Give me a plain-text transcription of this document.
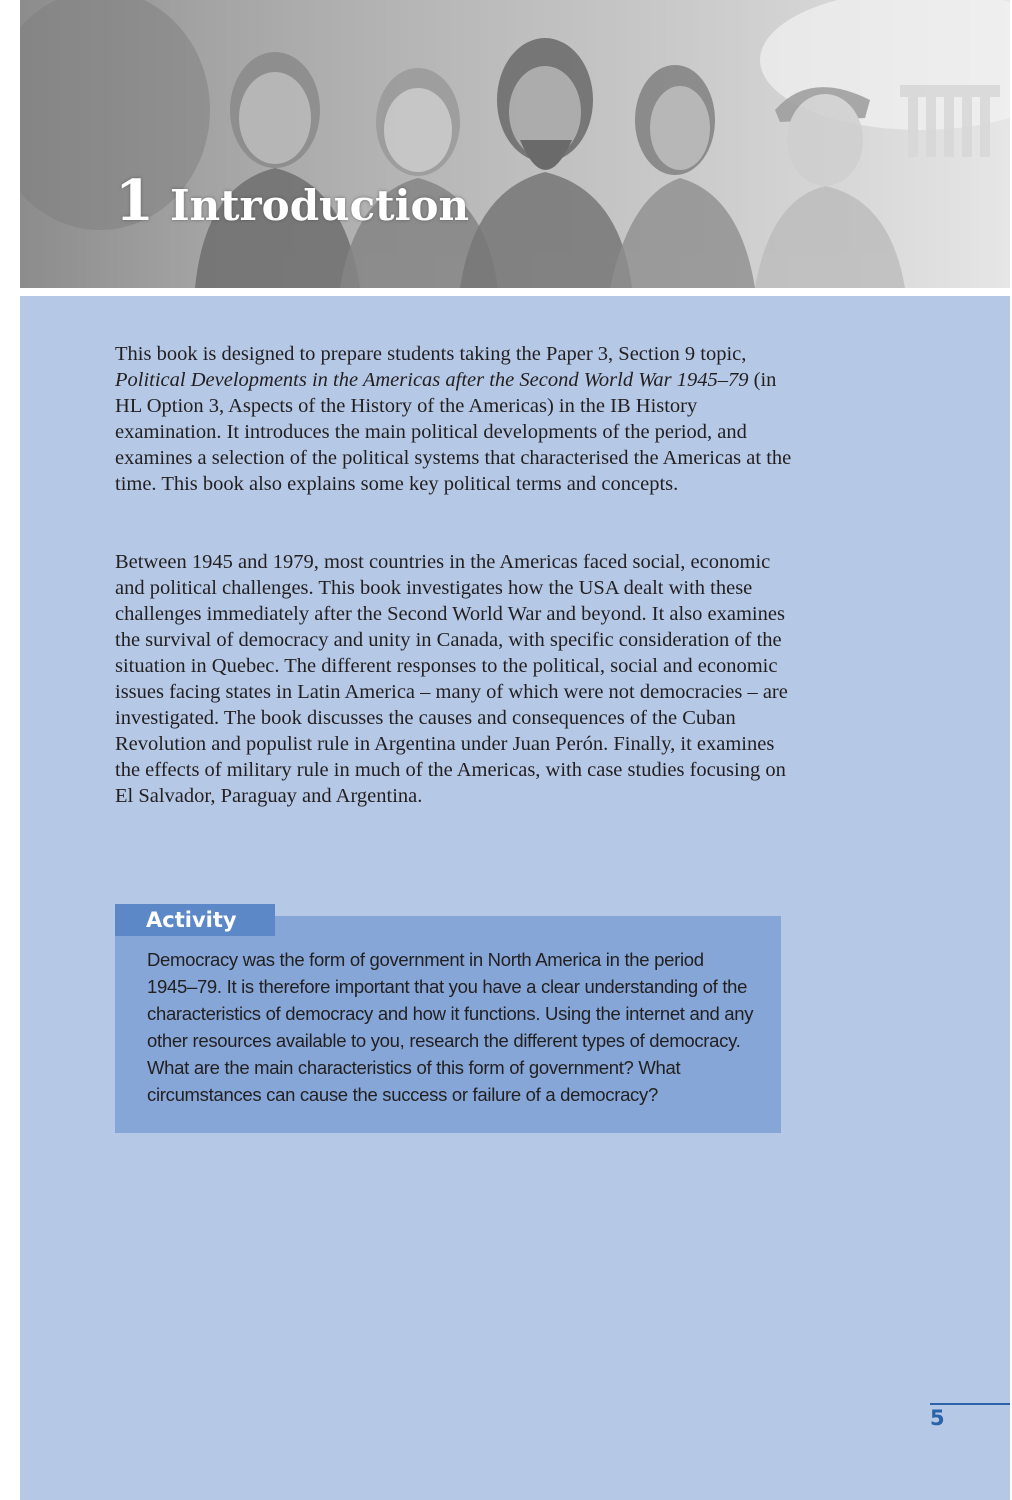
1 Introduction

This book is designed to prepare students taking the Paper 3, Section 9 topic, Political Developments in the Americas after the Second World War 1945–79 (in HL Option 3, Aspects of the History of the Americas) in the IB History examination. It introduces the main political developments of the period, and examines a selection of the political systems that characterised the Americas at the time. This book also explains some key political terms and concepts.

Between 1945 and 1979, most countries in the Americas faced social, economic and political challenges. This book investigates how the USA dealt with these challenges immediately after the Second World War and beyond. It also examines the survival of democracy and unity in Canada, with specific consideration of the situation in Quebec. The different responses to the political, social and economic issues facing states in Latin America – many of which were not democracies – are investigated. The book discusses the causes and consequences of the Cuban Revolution and populist rule in Argentina under Juan Perón. Finally, it examines the effects of military rule in much of the Americas, with case studies focusing on El Salvador, Paraguay and Argentina.

Democracy was the form of government in North America in the period 1945–79. It is therefore important that you have a clear understanding of the characteristics of democracy and how it functions. Using the internet and any other resources available to you, research the different types of democracy. What are the main characteristics of this form of government? What circumstances can cause the success or failure of a democracy?

Activity
5
